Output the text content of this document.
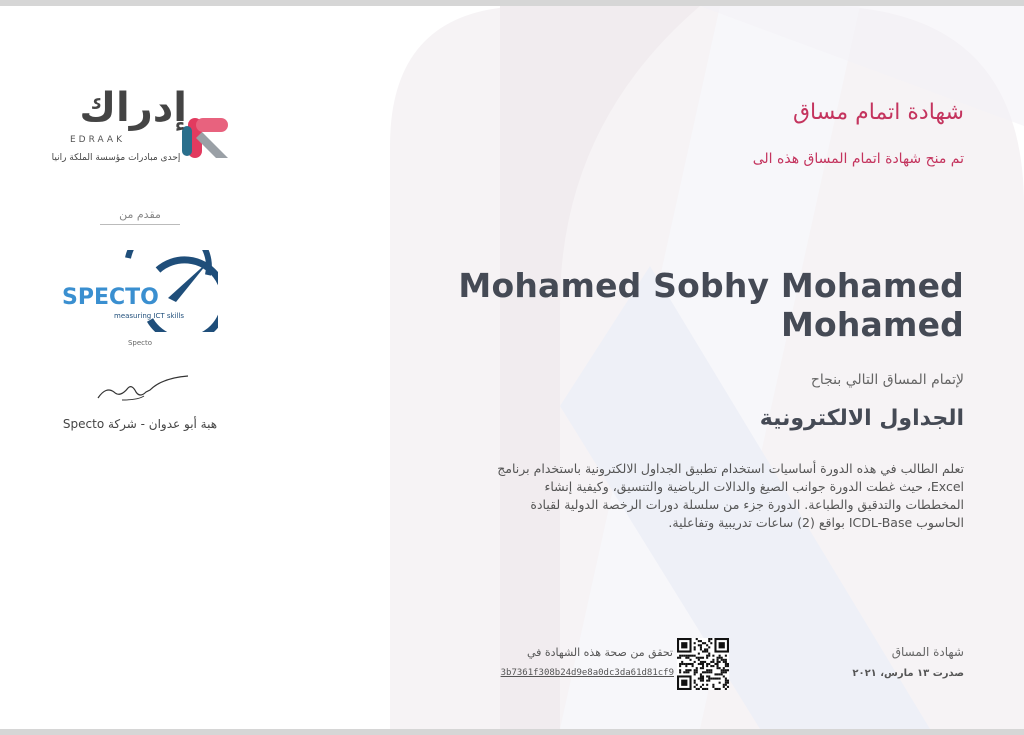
إدراك
EDRAAK
إحدى مبادرات مؤسسة الملكة رانيا
مقدم من
SPECTO
measuring ICT skills
Specto
هبة أبو عدوان - شركة Specto
شهادة اتمام مساق
تم منح شهادة اتمام المساق هذه الى
Mohamed Sobhy Mohamed Mohamed
لإتمام المساق التالي بنجاح
الجداول الالكترونية
تعلم الطالب في هذه الدورة أساسيات استخدام تطبيق الجداول الالكترونية باستخدام برنامج Excel، حيث غطت الدورة جوانب الصيغ والدالات الرياضية والتنسيق، وكيفية إنشاء المخططات والتدقيق والطباعة. الدورة جزء من سلسلة دورات الرخصة الدولية لقيادة الحاسوب ICDL-Base بواقع (2) ساعات تدريبية وتفاعلية.
شهادة المساق
صدرت ١٣ مارس، ٢٠٢١
تحقق من صحة هذه الشهادة في
3b7361f308b24d9e8a0dc3da61d81cf9
